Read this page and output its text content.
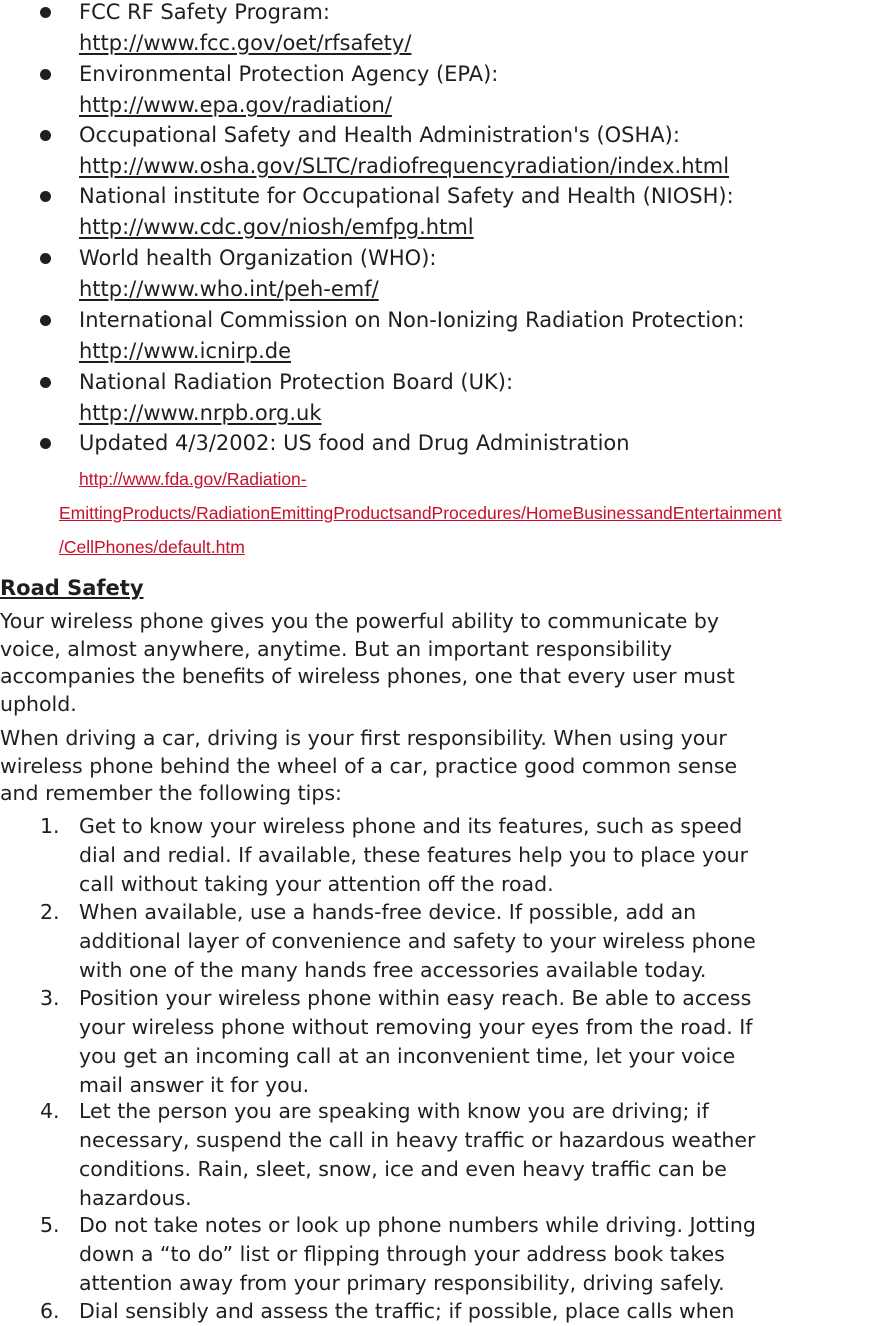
FCC RF Safety Program:
http://www.fcc.gov/oet/rfsafety/
Environmental Protection Agency (EPA):
http://www.epa.gov/radiation/
Occupational Safety and Health Administration's (OSHA):
http://www.osha.gov/SLTC/radiofrequencyradiation/index.html
National institute for Occupational Safety and Health (NIOSH):
http://www.cdc.gov/niosh/emfpg.html
World health Organization (WHO):
http://www.who.int/peh-emf/
International Commission on Non-Ionizing Radiation Protection:
http://www.icnirp.de
National Radiation Protection Board (UK):
http://www.nrpb.org.uk
Updated 4/3/2002: US food and Drug Administration
http://www.fda.gov/Radiation-
EmittingProducts/RadiationEmittingProductsandProcedures/HomeBusinessandEntertainment
/CellPhones/default.htm
Road Safety
Your wireless phone gives you the powerful ability to communicate by
voice, almost anywhere, anytime. But an important responsibility
accompanies the benefits of wireless phones, one that every user must
uphold.
When driving a car, driving is your first responsibility. When using your
wireless phone behind the wheel of a car, practice good common sense
and remember the following tips:
1. Get to know your wireless phone and its features, such as speed
dial and redial. If available, these features help you to place your
call without taking your attention off the road.
2. When available, use a hands-free device. If possible, add an
additional layer of convenience and safety to your wireless phone
with one of the many hands free accessories available today.
3. Position your wireless phone within easy reach. Be able to access
your wireless phone without removing your eyes from the road. If
you get an incoming call at an inconvenient time, let your voice
mail answer it for you.
4. Let the person you are speaking with know you are driving; if
necessary, suspend the call in heavy traffic or hazardous weather
conditions. Rain, sleet, snow, ice and even heavy traffic can be
hazardous.
5. Do not take notes or look up phone numbers while driving. Jotting
down a “to do” list or flipping through your address book takes
attention away from your primary responsibility, driving safely.
6. Dial sensibly and assess the traffic; if possible, place calls when
